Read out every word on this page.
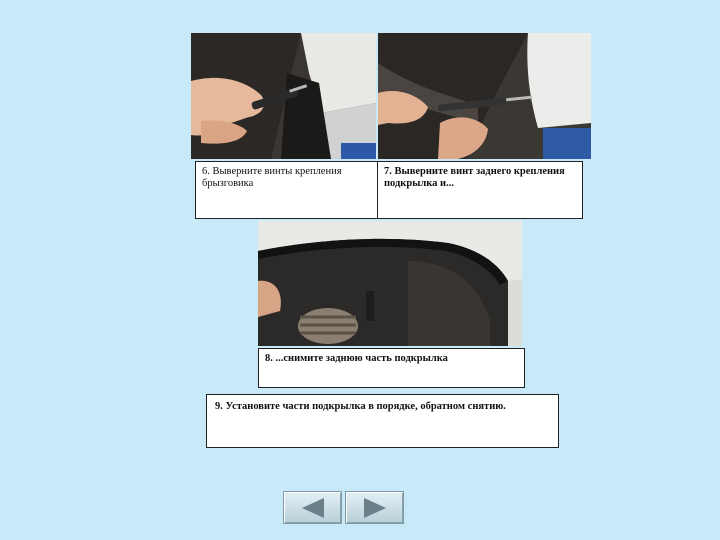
6. Выверните винты крепления брызговика
7. Выверните винт заднего крепления подкрылка и...
8. ...снимите заднюю часть подкрылка
9. Установите части подкрылка в порядке, обратном снятию.
